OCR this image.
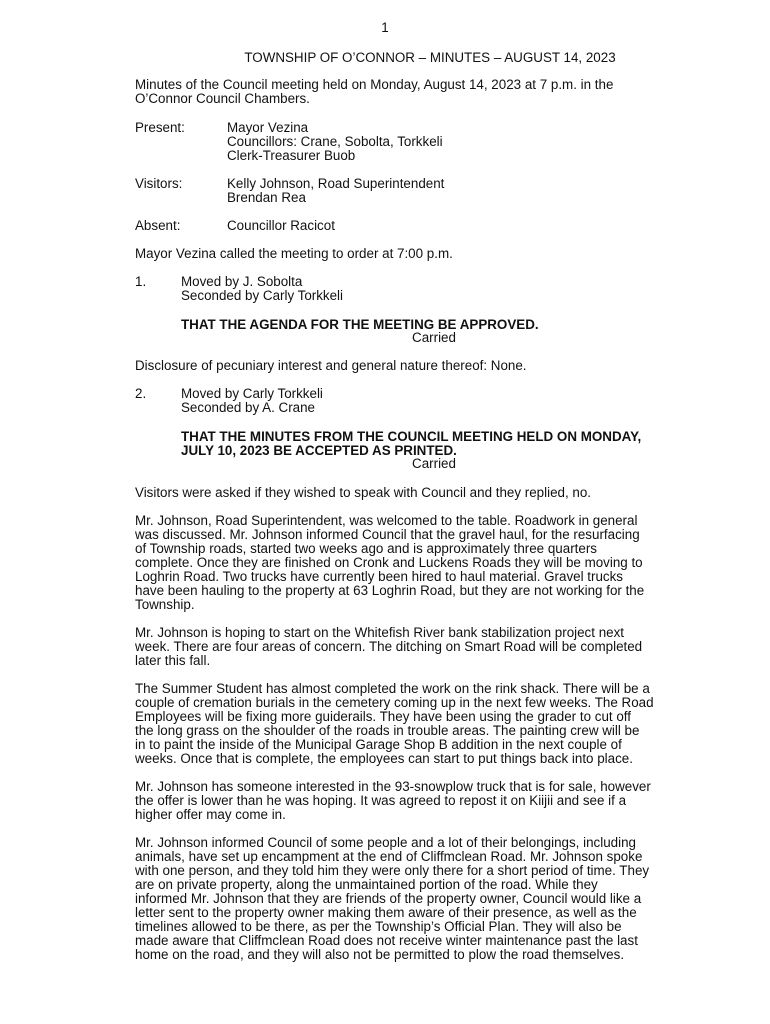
1

TOWNSHIP OF O’CONNOR – MINUTES – AUGUST 14, 2023

Minutes of the Council meeting held on Monday, August 14, 2023 at 7 p.m. in the

O’Connor Council Chambers.

Present:	Mayor Vezina

Councillors: Crane, Sobolta, Torkkeli

Clerk-Treasurer Buob

Visitors:	Kelly Johnson, Road Superintendent

Brendan Rea

Absent:	Councillor Racicot

Mayor Vezina called the meeting to order at 7:00 p.m.

1.	Moved by J. Sobolta

Seconded by Carly Torkkeli

THAT THE AGENDA FOR THE MEETING BE APPROVED.

Carried

Disclosure of pecuniary interest and general nature thereof: None.

2.	Moved by Carly Torkkeli

Seconded by A. Crane

THAT THE MINUTES FROM THE COUNCIL MEETING HELD ON MONDAY,

JULY 10, 2023 BE ACCEPTED AS PRINTED.

Carried

Visitors were asked if they wished to speak with Council and they replied, no.

Mr. Johnson, Road Superintendent, was welcomed to the table. Roadwork in general

was discussed. Mr. Johnson informed Council that the gravel haul, for the resurfacing

of Township roads, started two weeks ago and is approximately three quarters

complete. Once they are finished on Cronk and Luckens Roads they will be moving to

Loghrin Road. Two trucks have currently been hired to haul material. Gravel trucks

have been hauling to the property at 63 Loghrin Road, but they are not working for the

Township.

Mr. Johnson is hoping to start on the Whitefish River bank stabilization project next

week. There are four areas of concern. The ditching on Smart Road will be completed

later this fall.

The Summer Student has almost completed the work on the rink shack. There will be a

couple of cremation burials in the cemetery coming up in the next few weeks. The Road

Employees will be fixing more guiderails. They have been using the grader to cut off

the long grass on the shoulder of the roads in trouble areas. The painting crew will be

in to paint the inside of the Municipal Garage Shop B addition in the next couple of

weeks. Once that is complete, the employees can start to put things back into place.

Mr. Johnson has someone interested in the 93-snowplow truck that is for sale, however

the offer is lower than he was hoping. It was agreed to repost it on Kiijii and see if a

higher offer may come in.

Mr. Johnson informed Council of some people and a lot of their belongings, including

animals, have set up encampment at the end of Cliffmclean Road. Mr. Johnson spoke

with one person, and they told him they were only there for a short period of time. They

are on private property, along the unmaintained portion of the road. While they

informed Mr. Johnson that they are friends of the property owner, Council would like a

letter sent to the property owner making them aware of their presence, as well as the

timelines allowed to be there, as per the Township’s Official Plan. They will also be

made aware that Cliffmclean Road does not receive winter maintenance past the last

home on the road, and they will also not be permitted to plow the road themselves.
